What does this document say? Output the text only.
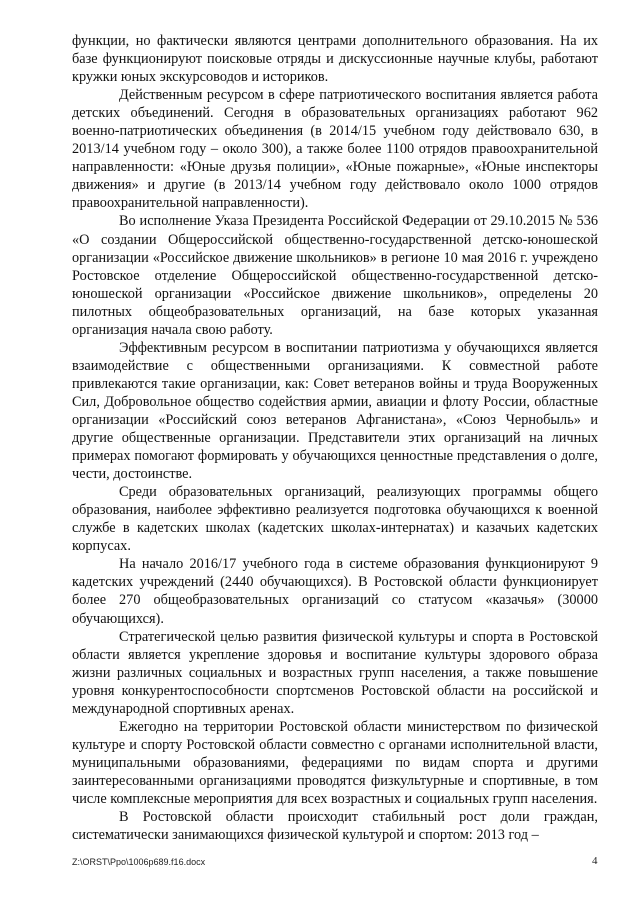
функции, но фактически являются центрами дополнительного образования. На их базе функционируют поисковые отряды и дискуссионные научные клубы, работают кружки юных экскурсоводов и историков.

Действенным ресурсом в сфере патриотического воспитания является работа детских объединений. Сегодня в образовательных организациях работают 962 военно-патриотических объединения (в 2014/15 учебном году действовало 630, в 2013/14 учебном году – около 300), а также более 1100 отрядов правоохранительной направленности: «Юные друзья полиции», «Юные пожарные», «Юные инспекторы движения» и другие (в 2013/14 учебном году действовало около 1000 отрядов правоохранительной направленности).

Во исполнение Указа Президента Российской Федерации от 29.10.2015 № 536 «О создании Общероссийской общественно-государственной детско-юношеской организации «Российское движение школьников» в регионе 10 мая 2016 г. учреждено Ростовское отделение Общероссийской общественно-государственной детско-юношеской организации «Российское движение школьников», определены 20 пилотных общеобразовательных организаций, на базе которых указанная организация начала свою работу.

Эффективным ресурсом в воспитании патриотизма у обучающихся является взаимодействие с общественными организациями. К совместной работе привлекаются такие организации, как: Совет ветеранов войны и труда Вооруженных Сил, Добровольное общество содействия армии, авиации и флоту России, областные организации «Российский союз ветеранов Афганистана», «Союз Чернобыль» и другие общественные организации. Представители этих организаций на личных примерах помогают формировать у обучающихся ценностные представления о долге, чести, достоинстве.

Среди образовательных организаций, реализующих программы общего образования, наиболее эффективно реализуется подготовка обучающихся к военной службе в кадетских школах (кадетских школах-интернатах) и казачьих кадетских корпусах.

На начало 2016/17 учебного года в системе образования функционируют 9 кадетских учреждений (2440 обучающихся). В Ростовской области функционирует более 270 общеобразовательных организаций со статусом «казачья» (30000 обучающихся).

Стратегической целью развития физической культуры и спорта в Ростовской области является укрепление здоровья и воспитание культуры здорового образа жизни различных социальных и возрастных групп населения, а также повышение уровня конкурентоспособности спортсменов Ростовской области на российской и международной спортивных аренах.

Ежегодно на территории Ростовской области министерством по физической культуре и спорту Ростовской области совместно с органами исполнительной власти, муниципальными образованиями, федерациями по видам спорта и другими заинтересованными организациями проводятся физкультурные и спортивные, в том числе комплексные мероприятия для всех возрастных и социальных групп населения.

В Ростовской области происходит стабильный рост доли граждан, систематически занимающихся физической культурой и спортом: 2013 год –

Z:\ORST\Ppo\1006p689.f16.docx	4
